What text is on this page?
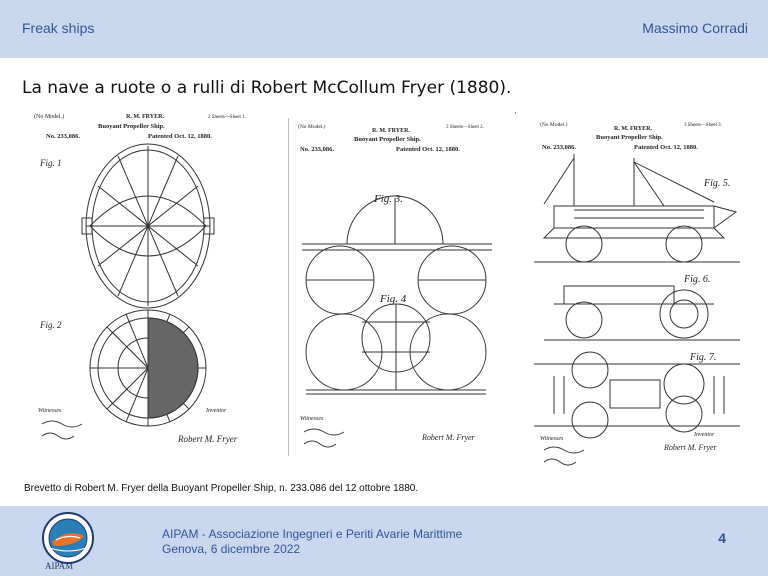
Freak ships	Massimo Corradi
La nave a ruote o a rulli di Robert McCollum Fryer (1880).
(No Model.)	R. M. FRYER.	2 Sheets—Sheet 1.
Buoyant Propeller Ship.
No. 233,086.	Patented Oct. 12, 1880.
Fig. 1
Fig. 2
Witnesses	Inventor
Robert M. Fryer
(No Model.)
R. M. FRYER.
3 Sheets—Sheet 2.
Buoyant Propeller Ship.
No. 233,086.	Patented Oct. 12, 1880.
Fig. 3.
Fig. 4
Witnesses
Robert M. Fryer
(No Model.)
R. M. FRYER.
3 Sheets—Sheet 3.
Buoyant Propeller Ship.
No. 233,086.	Patented Oct. 12, 1880.
Fig. 5.
Fig. 6.
Fig. 7.
Witnesses
Inventor
Robert M. Fryer
Brevetto di Robert M. Fryer della Buoyant Propeller Ship, n. 233.086 del 12 ottobre 1880.
AIPAM
AIPAM - Associazione Ingegneri e Periti Avarie Marittime
Genova, 6 dicembre 2022
4
